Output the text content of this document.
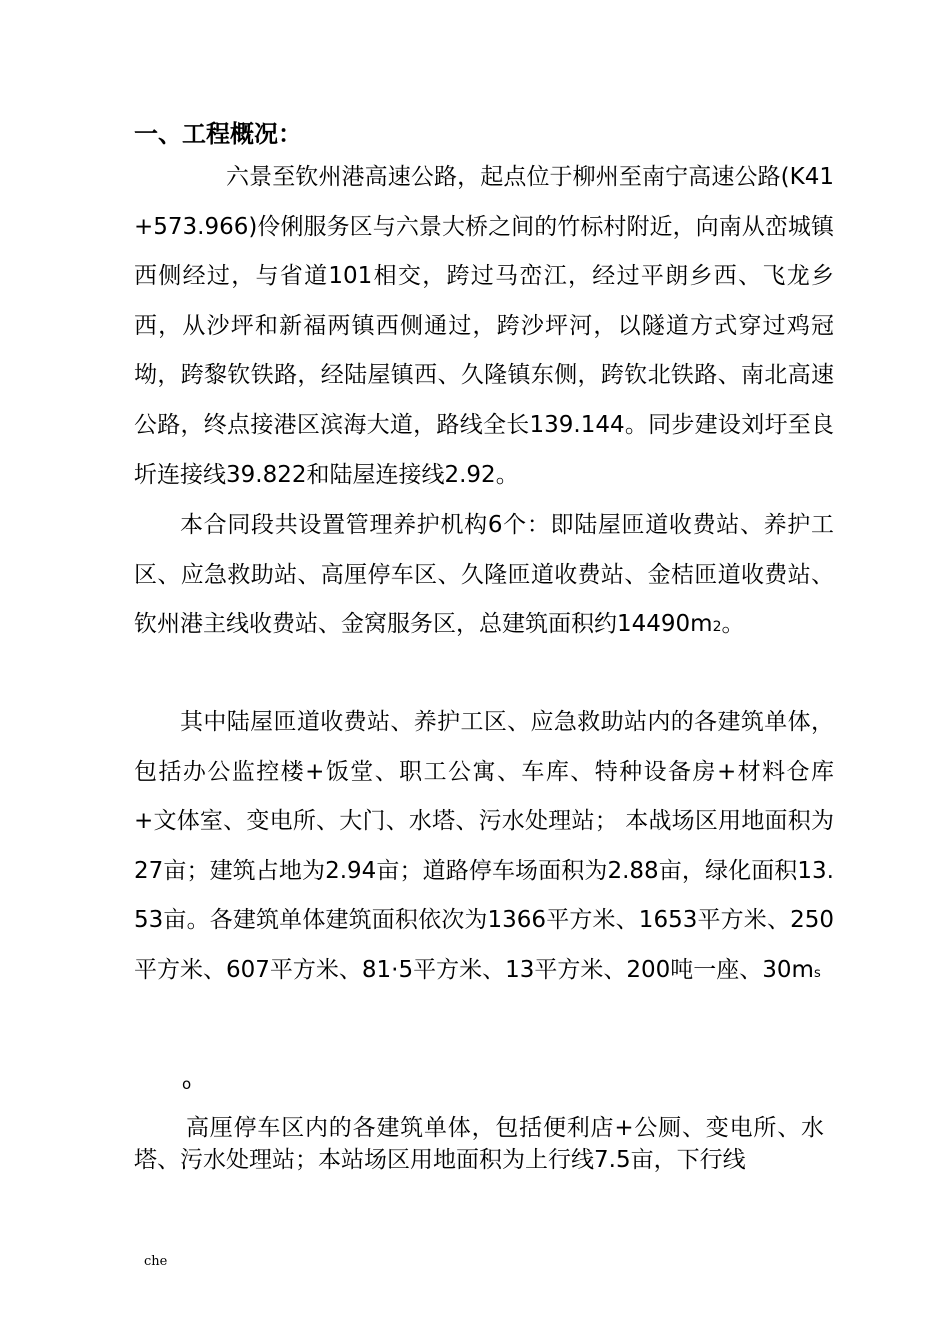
一、工程概况：

六景至钦州港高速公路，起点位于柳州至南宁高速公路(K41+573.966)伶俐服务区与六景大桥之间的竹标村附近，向南从峦城镇西侧经过，与省道101相交，跨过马峦江，经过平朗乡西、飞龙乡西，从沙坪和新福两镇西侧通过，跨沙坪河，以隧道方式穿过鸡冠坳，跨黎钦铁路，经陆屋镇西、久隆镇东侧，跨钦北铁路、南北高速公路，终点接港区滨海大道，路线全长139.144。同步建设刘圩至良圻连接线39.822和陆屋连接线2.92。

本合同段共设置管理养护机构6个：即陆屋匝道收费站、养护工区、应急救助站、高厘停车区、久隆匝道收费站、金桔匝道收费站、钦州港主线收费站、金窝服务区，总建筑面积约14490m2。

其中陆屋匝道收费站、养护工区、应急救助站内的各建筑单体，包括办公监控楼+饭堂、职工公寓、车库、特种设备房+材料仓库+文体室、变电所、大门、水塔、污水处理站； 本战场区用地面积为27亩；建筑占地为2.94亩；道路停车场面积为2.88亩，绿化面积13.53亩。各建筑单体建筑面积依次为1366平方米、1653平方米、250平方米、607平方米、81·5平方米、13平方米、200吨一座、30ms

o

高厘停车区内的各建筑单体，包括便利店+公厕、变电所、水塔、污水处理站；本站场区用地面积为上行线7.5亩，下行线

che
